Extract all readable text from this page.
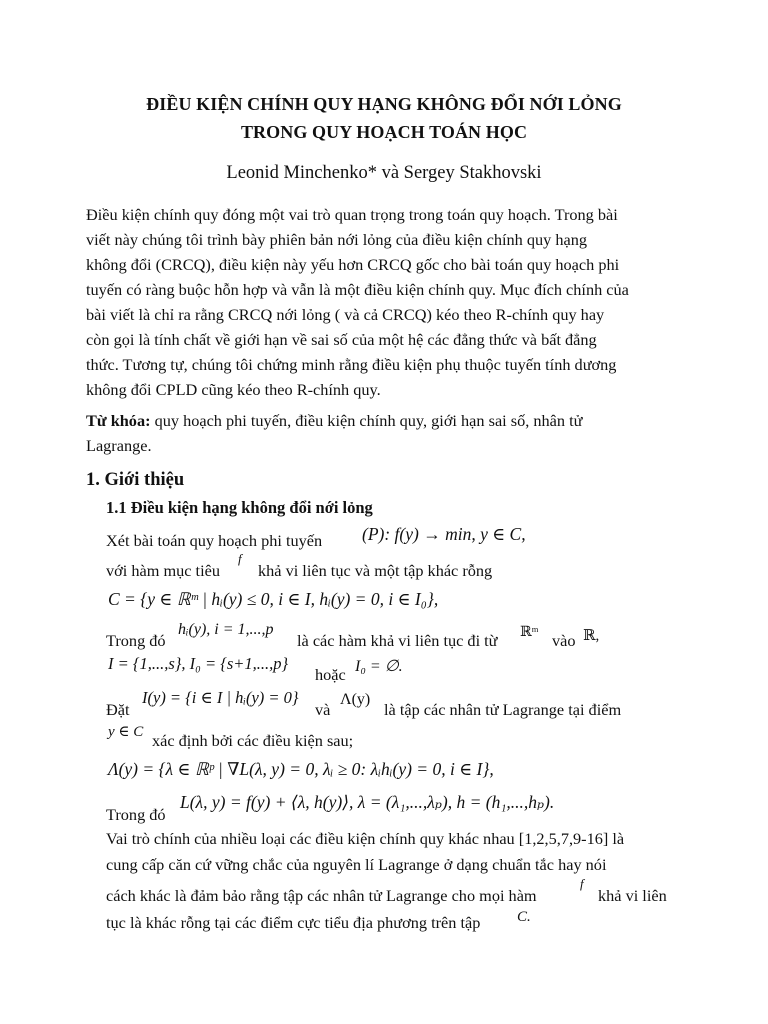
ĐIỀU KIỆN CHÍNH QUY HẠNG KHÔNG ĐỔI NỚI LỎNG
TRONG QUY HOẠCH TOÁN HỌC
Leonid Minchenko* và Sergey Stakhovski
Điều kiện chính quy đóng một vai trò quan trọng trong toán quy hoạch. Trong bài
viết này chúng tôi trình bày phiên bản nới lỏng của điều kiện chính quy hạng
không đổi (CRCQ), điều kiện này yếu hơn CRCQ gốc cho bài toán quy hoạch phi
tuyến có ràng buộc hỗn hợp và vẫn là một điều kiện chính quy. Mục đích chính của
bài viết là chỉ ra rằng CRCQ nới lỏng ( và cả CRCQ) kéo theo R-chính quy hay
còn gọi là tính chất về giới hạn về sai số của một hệ các đẳng thức và bất đẳng
thức. Tương tự, chúng tôi chứng minh rằng điều kiện phụ thuộc tuyến tính dương
không đổi CPLD cũng kéo theo R-chính quy.
Từ khóa: quy hoạch phi tuyến, điều kiện chính quy, giới hạn sai số, nhân tử
Lagrange.
1. Giới thiệu
1.1 Điều kiện hạng không đổi nới lỏng
Xét bài toán quy hoạch phi tuyến (P): f(y) → min, y ∈ C,
với hàm mục tiêu
f
khả vi liên tục và một tập khác rỗng
C = {y ∈ ℝᵐ | hᵢ(y) ≤ 0, i ∈ I, hᵢ(y) = 0, i ∈ I₀},
Trong đó
hᵢ(y), i = 1,...,p
là các hàm khả vi liên tục đi từ ℝᵐ vào ℝ,
I = {1,...,s}, I₀ = {s+1,...,p}
hoặc I₀ = ∅.
Đặt
I(y) = {i ∈ I | hᵢ(y) = 0}
và
Λ(y)
là tập các nhân tử Lagrange tại điểm
y ∈ C xác định bởi các điều kiện sau;
Λ(y) = {λ ∈ ℝᵖ | ∇L(λ, y) = 0, λᵢ ≥ 0: λᵢhᵢ(y) = 0, i ∈ I},
Trong đó
L(λ, y) = f(y) + ⟨λ, h(y)⟩, λ = (λ₁,...,λₚ), h = (h₁,...,hₚ).
Vai trò chính của nhiều loại các điều kiện chính quy khác nhau [1,2,5,7,9-16] là
cung cấp căn cứ vững chắc của nguyên lí Lagrange ở dạng chuẩn tắc hay nói
cách khác là đảm bảo rằng tập các nhân tử Lagrange cho mọi hàm
f
khả vi liên
tục là khác rỗng tại các điểm cực tiểu địa phương trên tập C.
